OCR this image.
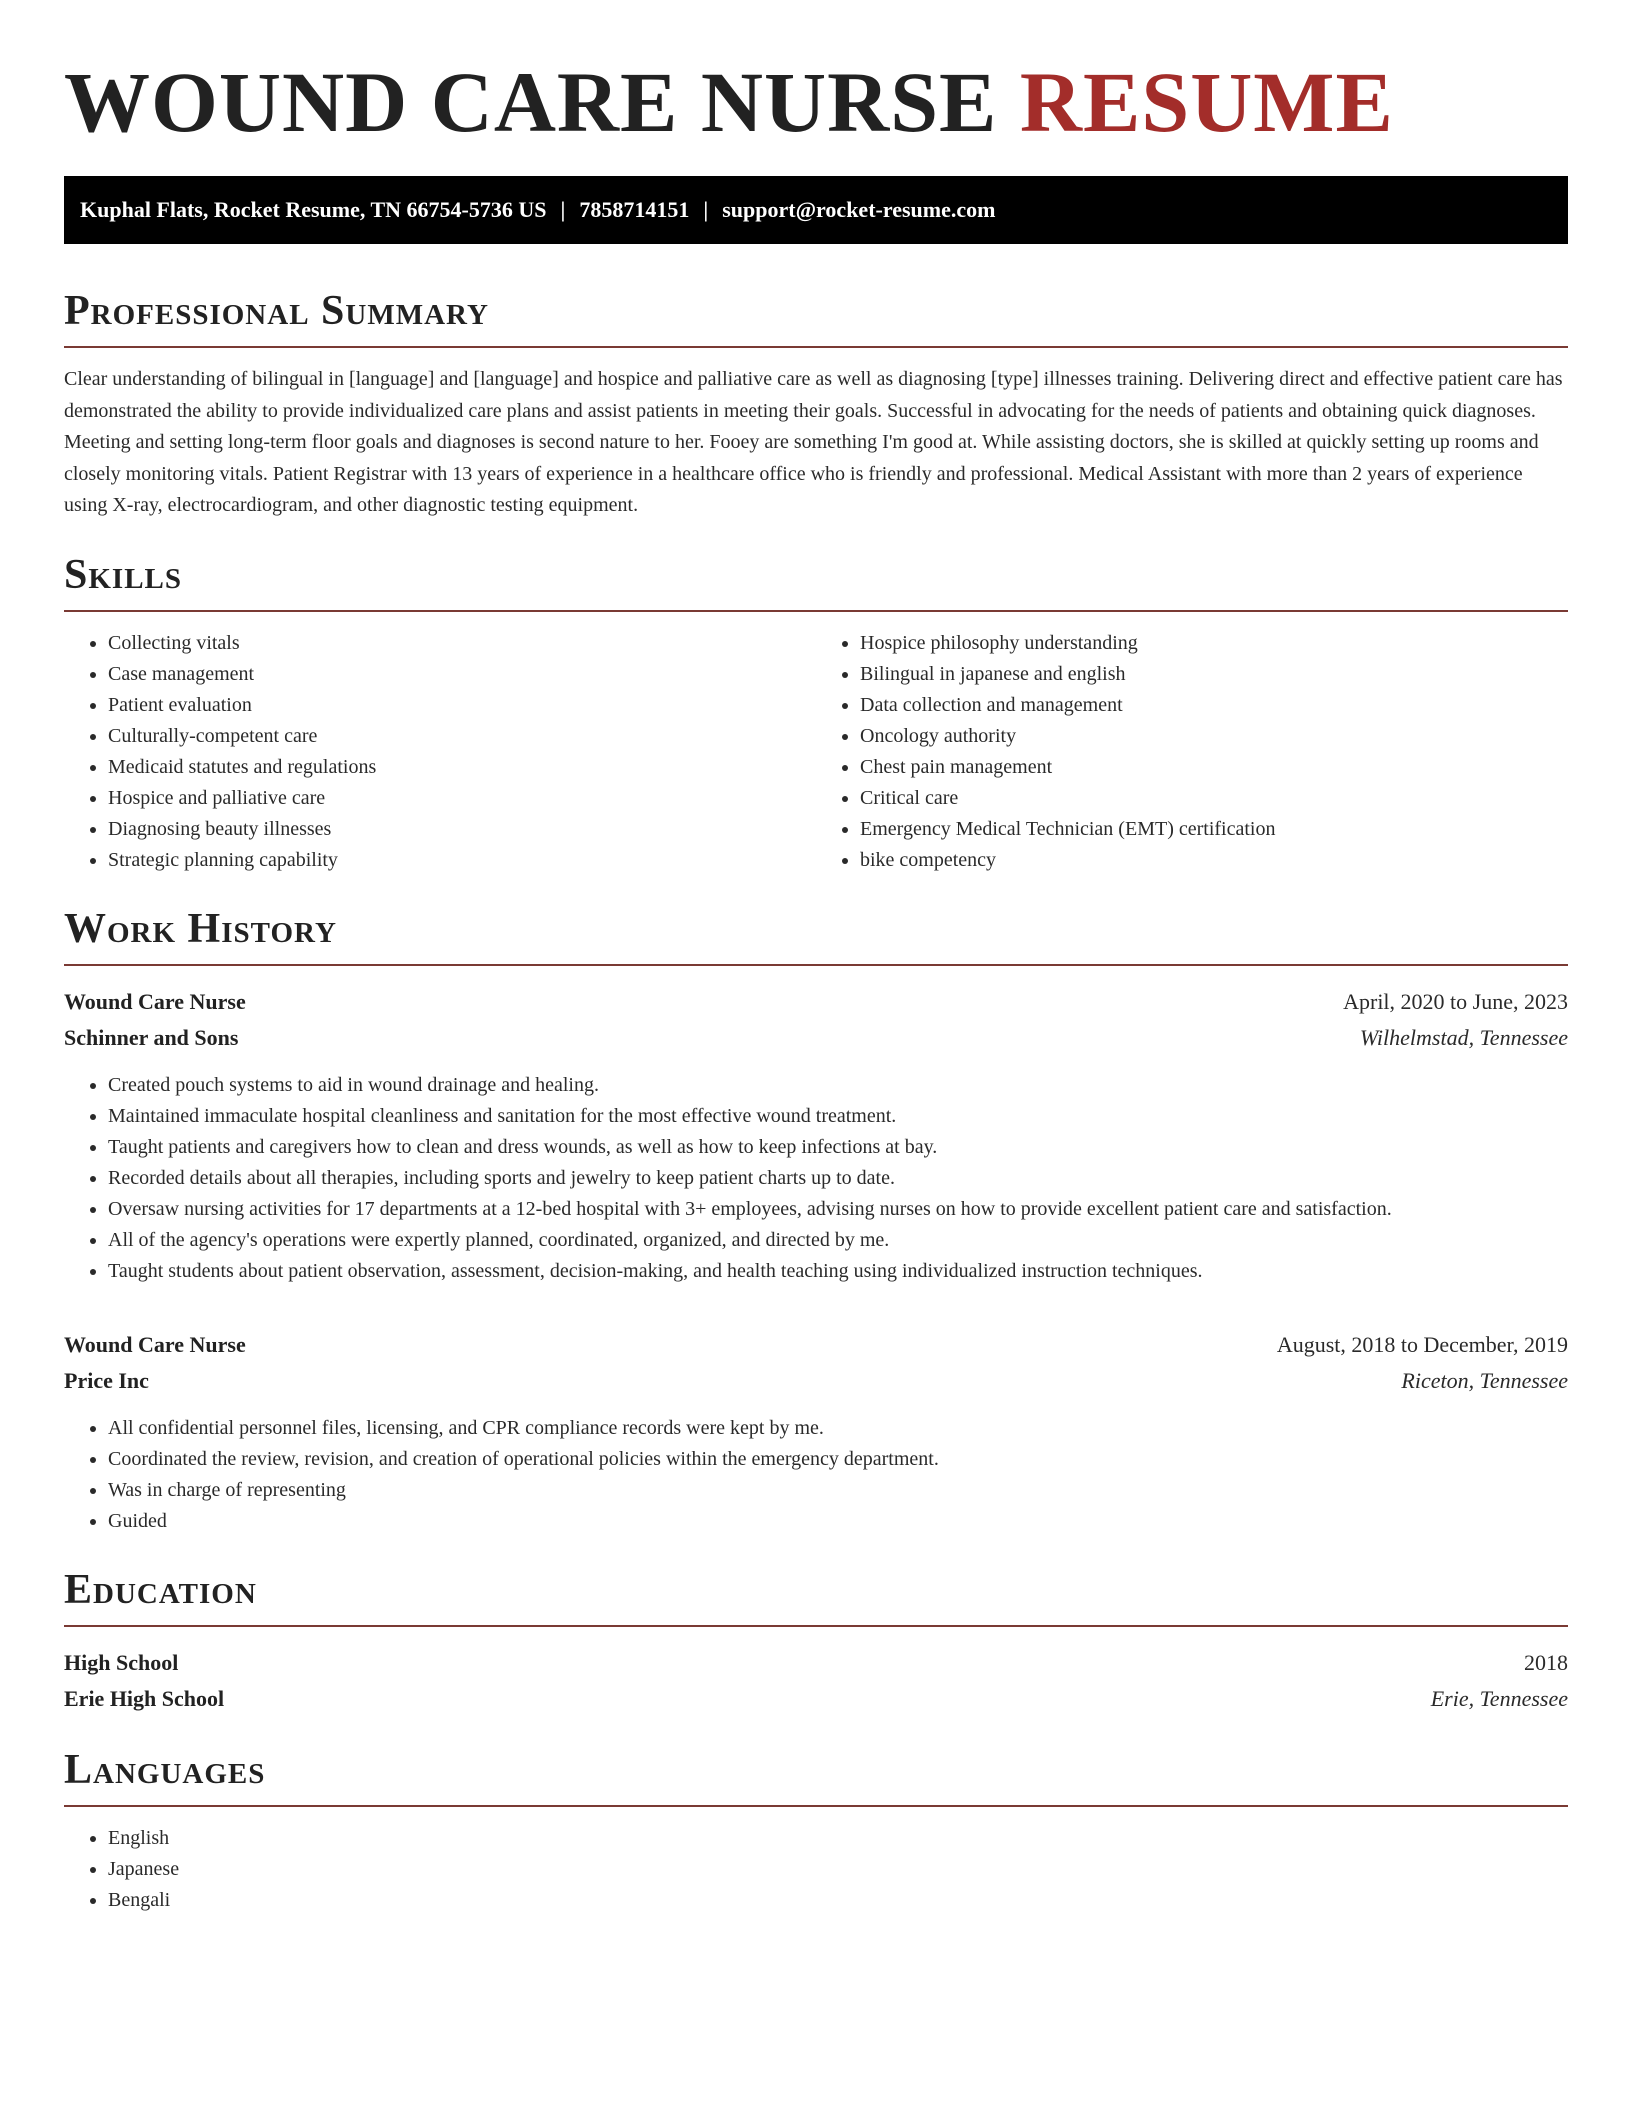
WOUND CARE NURSE RESUME
Kuphal Flats, Rocket Resume, TN 66754-5736 US | 7858714151 | support@rocket-resume.com
Professional Summary

Clear understanding of bilingual in [language] and [language] and hospice and palliative care as well as diagnosing [type] illnesses training. Delivering direct and effective patient care has demonstrated the ability to provide individualized care plans and assist patients in meeting their goals. Successful in advocating for the needs of patients and obtaining quick diagnoses. Meeting and setting long-term floor goals and diagnoses is second nature to her. Fooey are something I'm good at. While assisting doctors, she is skilled at quickly setting up rooms and closely monitoring vitals. Patient Registrar with 13 years of experience in a healthcare office who is friendly and professional. Medical Assistant with more than 2 years of experience using X-ray, electrocardiogram, and other diagnostic testing equipment.

Skills
• Collecting vitals
• Case management
• Patient evaluation
• Culturally-competent care
• Medicaid statutes and regulations
• Hospice and palliative care
• Diagnosing beauty illnesses
• Strategic planning capability
• Hospice philosophy understanding
• Bilingual in japanese and english
• Data collection and management
• Oncology authority
• Chest pain management
• Critical care
• Emergency Medical Technician (EMT) certification
• bike competency
Work History
Wound Care Nurse	April, 2020 to June, 2023
Schinner and Sons	Wilhelmstad, Tennessee
• Created pouch systems to aid in wound drainage and healing.
• Maintained immaculate hospital cleanliness and sanitation for the most effective wound treatment.
• Taught patients and caregivers how to clean and dress wounds, as well as how to keep infections at bay.
• Recorded details about all therapies, including sports and jewelry to keep patient charts up to date.
• Oversaw nursing activities for 17 departments at a 12-bed hospital with 3+ employees, advising nurses on how to provide excellent patient care and satisfaction.
• All of the agency's operations were expertly planned, coordinated, organized, and directed by me.
• Taught students about patient observation, assessment, decision-making, and health teaching using individualized instruction techniques.
Wound Care Nurse	August, 2018 to December, 2019
Price Inc	Riceton, Tennessee
• All confidential personnel files, licensing, and CPR compliance records were kept by me.
• Coordinated the review, revision, and creation of operational policies within the emergency department.
• Was in charge of representing
• Guided
Education
High School	2018
Erie High School	Erie, Tennessee
Languages
• English
• Japanese
• Bengali
